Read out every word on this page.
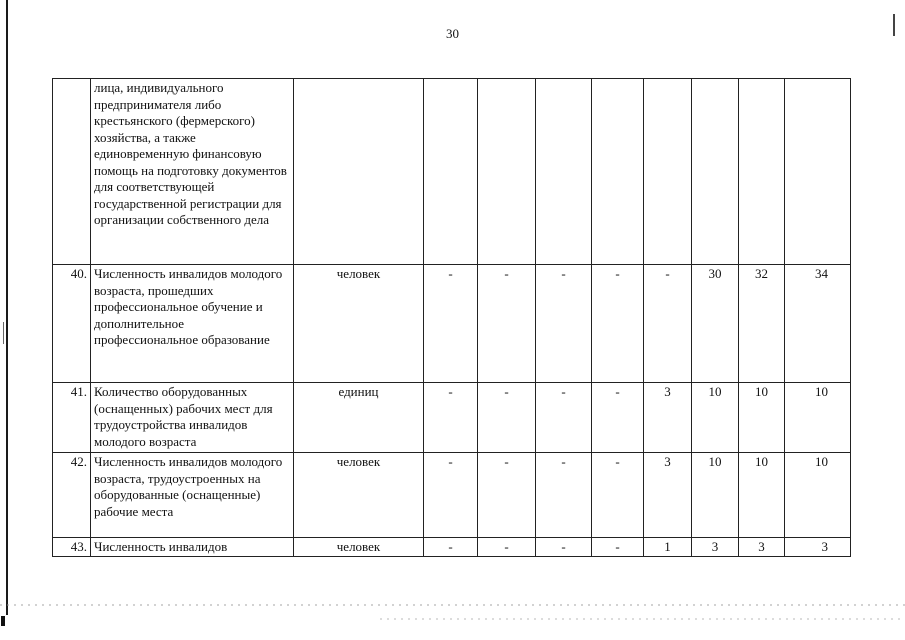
30
	лица, индивидуального предпринимателя либо крестьянского (фермерского) хозяйства, а также единовременную финансовую помощь на подготовку документов для соответствующей государственной регистрации для организации собственного дела									
40.	Численность инвалидов молодого возраста, прошедших профессиональное обучение и дополнительное профессиональное образование	человек	-	-	-	-	-	30	32	34
41.	Количество оборудованных (оснащенных) рабочих мест для трудоустройства инвалидов молодого возраста	единиц	-	-	-	-	3	10	10	10
42.	Численность инвалидов молодого возраста, трудоустроенных на оборудованные (оснащенные) рабочие места	человек	-	-	-	-	3	10	10	10
43.	Численность инвалидов	человек	-	-	-	-	1	3	3	3
